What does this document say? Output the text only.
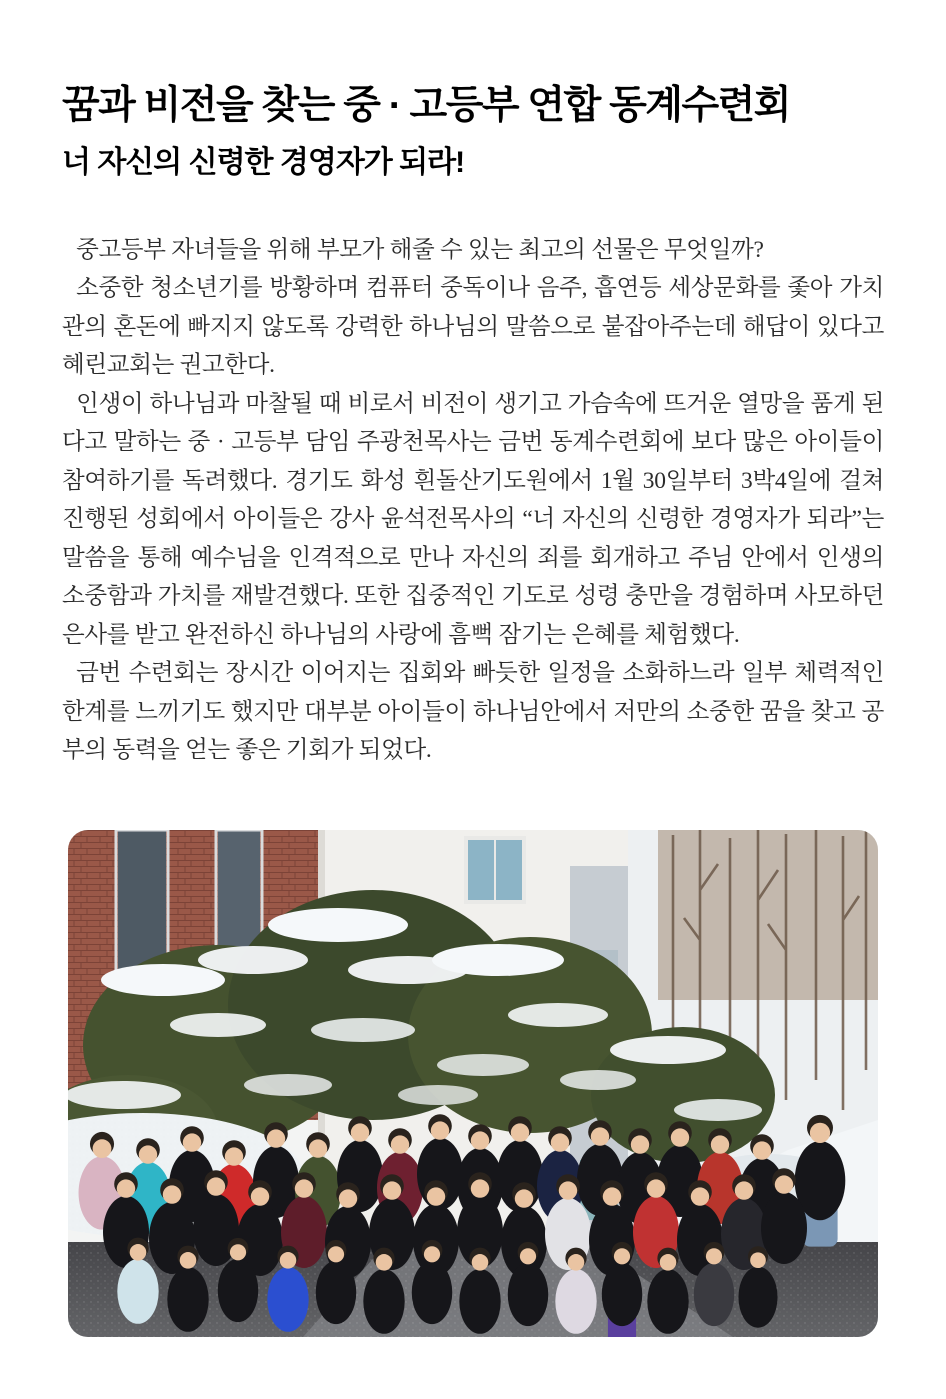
꿈과 비전을 찾는 중 · 고등부 연합 동계수련회
너 자신의 신령한 경영자가 되라!

중고등부 자녀들을 위해 부모가 해줄 수 있는 최고의 선물은 무엇일까?

소중한 청소년기를 방황하며 컴퓨터 중독이나 음주, 흡연등 세상문화를 좇아 가치관의 혼돈에 빠지지 않도록 강력한 하나님의 말씀으로 붙잡아주는데 해답이 있다고 혜린교회는 권고한다.

인생이 하나님과 마찰될 때 비로서 비전이 생기고 가슴속에 뜨거운 열망을 품게 된다고 말하는 중 · 고등부 담임 주광천목사는 금번 동계수련회에 보다 많은 아이들이 참여하기를 독려했다. 경기도 화성 흰돌산기도원에서 1월 30일부터 3박4일에 걸쳐 진행된 성회에서 아이들은 강사 윤석전목사의 “너 자신의 신령한 경영자가 되라”는 말씀을 통해 예수님을 인격적으로 만나 자신의 죄를 회개하고 주님 안에서 인생의 소중함과 가치를 재발견했다. 또한 집중적인 기도로 성령 충만을 경험하며 사모하던 은사를 받고 완전하신 하나님의 사랑에 흠뻑 잠기는 은혜를 체험했다.

금번 수련회는 장시간 이어지는 집회와 빠듯한 일정을 소화하느라 일부 체력적인 한계를 느끼기도 했지만 대부분 아이들이 하나님안에서 저만의 소중한 꿈을 찾고 공부의 동력을 얻는 좋은 기회가 되었다.
